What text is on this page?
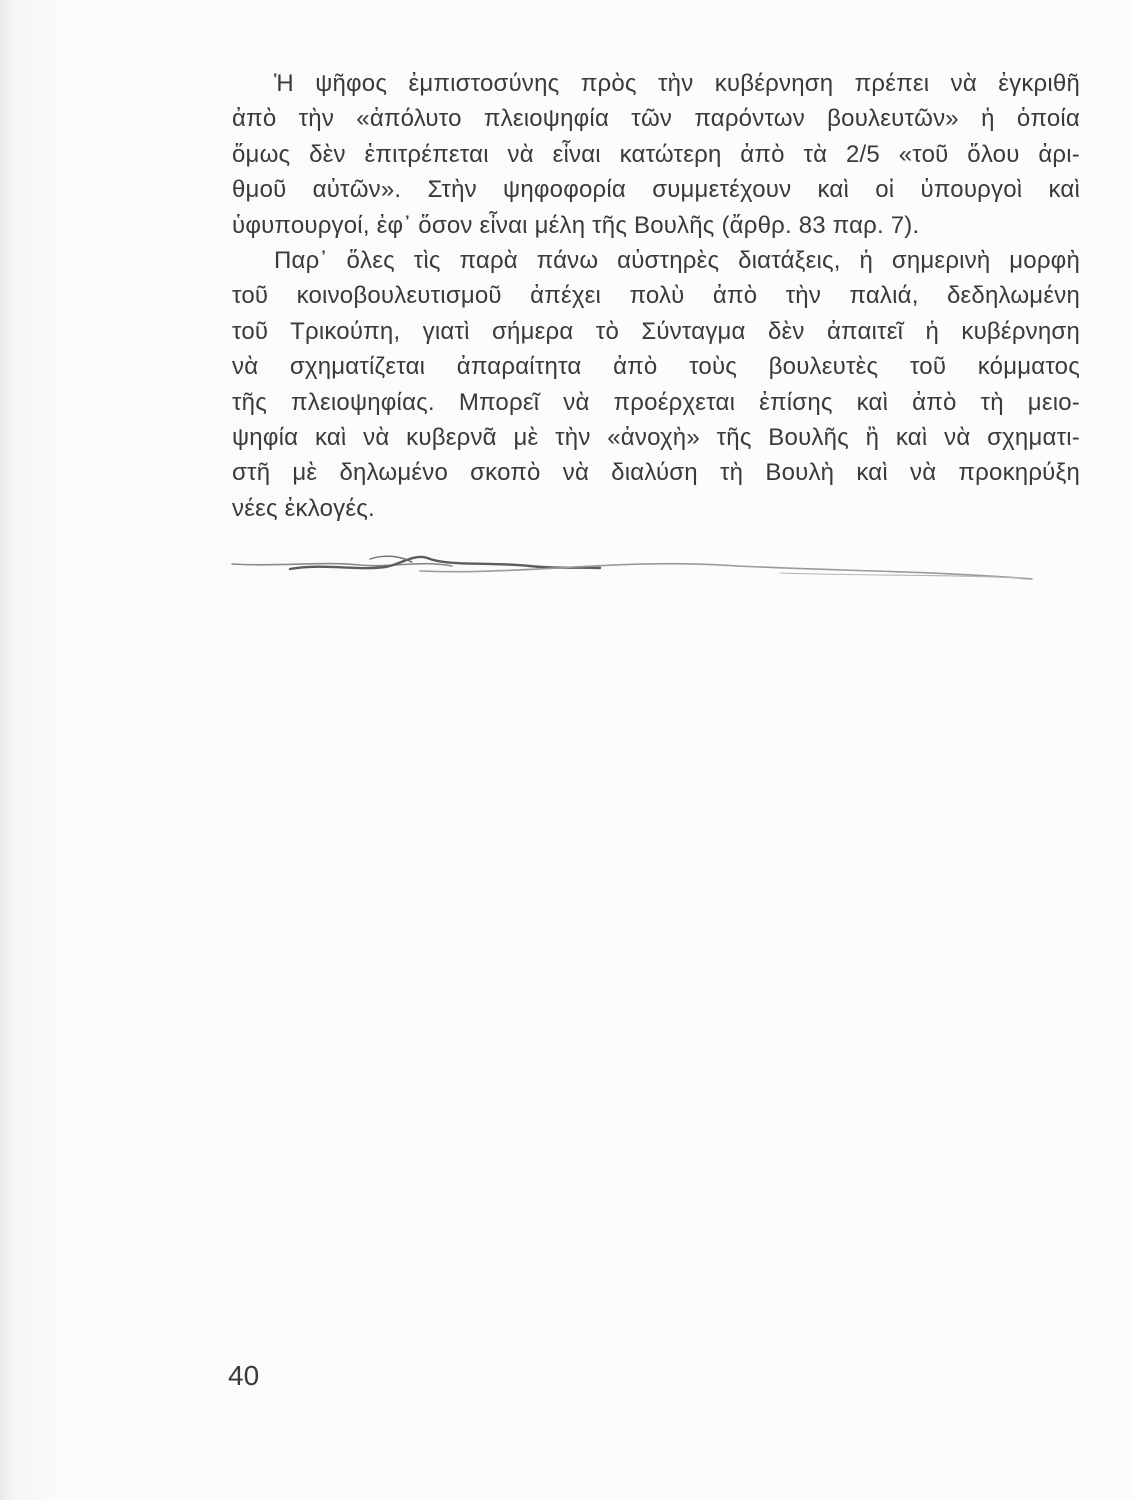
Ἡ ψῆφος ἐμπιστοσύνης πρὸς τὴν κυβέρνηση πρέπει νὰ ἐγκριθῆ
ἀπὸ τὴν «ἀπόλυτο πλειοψηφία τῶν παρόντων βουλευτῶν» ἡ ὁποία
ὅμως δὲν ἐπιτρέπεται νὰ εἶναι κατώτερη ἀπὸ τὰ 2/5 «τοῦ ὅλου ἀρι-
θμοῦ αὐτῶν». Στὴν ψηφοφορία συμμετέχουν καὶ οἱ ὑπουργοὶ καὶ
ὑφυπουργοί, ἐφ᾽ ὅσον εἶναι μέλη τῆς Βουλῆς (ἄρθρ. 83 παρ. 7).
Παρ᾽ ὅλες τὶς παρὰ πάνω αὐστηρὲς διατάξεις, ἡ σημερινὴ μορφὴ
τοῦ κοινοβουλευτισμοῦ ἀπέχει πολὺ ἀπὸ τὴν παλιά, δεδηλωμένη
τοῦ Τρικούπη, γιατὶ σήμερα τὸ Σύνταγμα δὲν ἀπαιτεῖ ἡ κυβέρνηση
νὰ σχηματίζεται ἀπαραίτητα ἀπὸ τοὺς βουλευτὲς τοῦ κόμματος
τῆς πλειοψηφίας. Μπορεῖ νὰ προέρχεται ἐπίσης καὶ ἀπὸ τὴ μειο-
ψηφία καὶ νὰ κυβερνᾶ μὲ τὴν «ἀνοχὴ» τῆς Βουλῆς ἢ καὶ νὰ σχηματι-
στῆ μὲ δηλωμένο σκοπὸ νὰ διαλύση τὴ Βουλὴ καὶ νὰ προκηρύξη
νέες ἐκλογές.
40
